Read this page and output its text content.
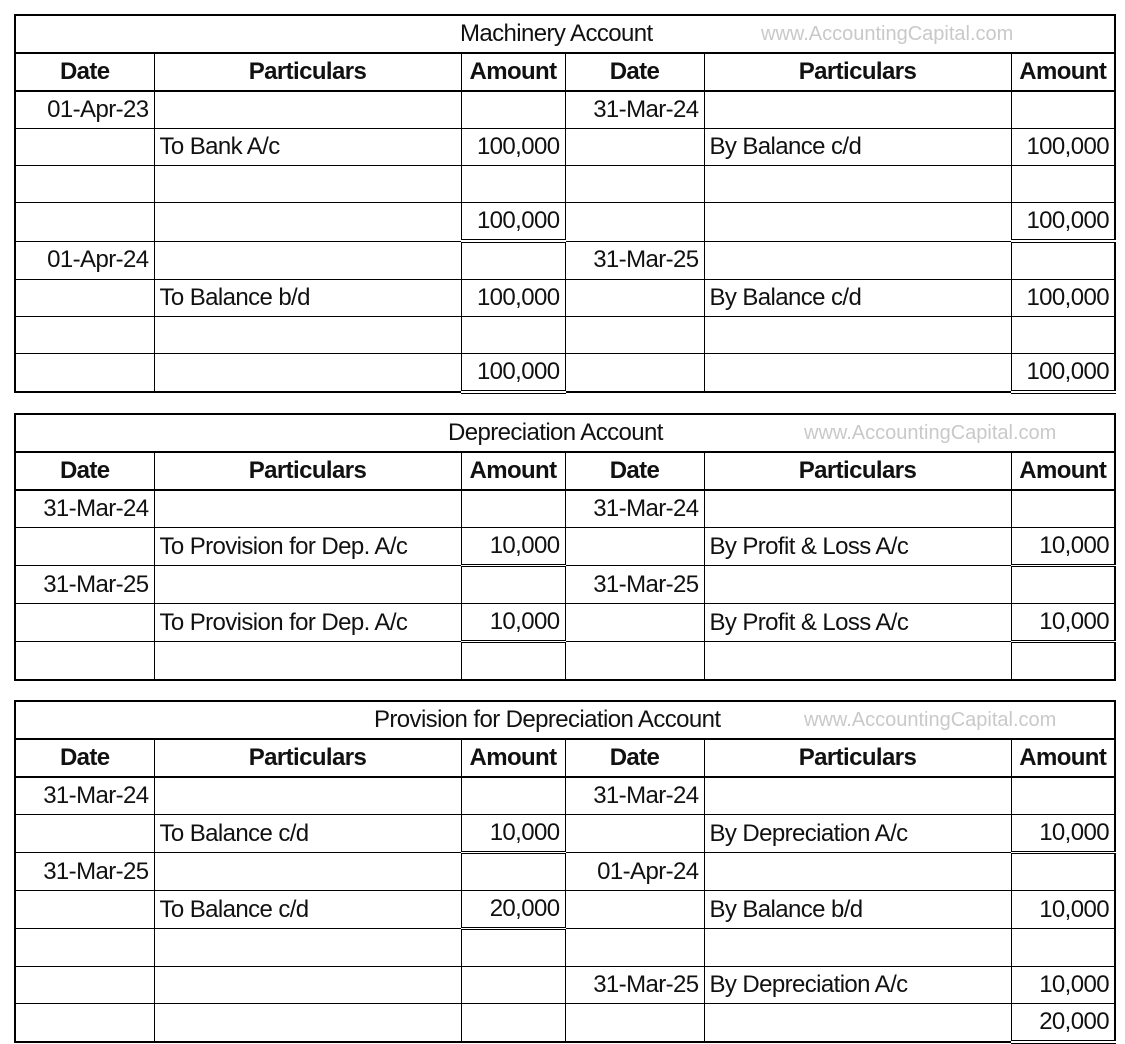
Machinery Account www.AccountingCapital.com					

Date	Particulars	Amount	Date	Particulars	Amount
01-Apr-23			31-Mar-24		
	To Bank A/c	100,000		By Balance c/d	100,000

		100,000			100,000
01-Apr-24			31-Mar-25		
	To Balance b/d	100,000		By Balance c/d	100,000

		100,000			100,000
Depreciation Account www.AccountingCapital.com					

Date	Particulars	Amount	Date	Particulars	Amount
31-Mar-24			31-Mar-24		
	To Provision for Dep. A/c	10,000		By Profit & Loss A/c	10,000
31-Mar-25			31-Mar-25		
	To Provision for Dep. A/c	10,000		By Profit & Loss A/c	10,000

Provision for Depreciation Account www.AccountingCapital.com					

Date	Particulars	Amount	Date	Particulars	Amount
31-Mar-24			31-Mar-24		
	To Balance c/d	10,000		By Depreciation A/c	10,000
31-Mar-25			01-Apr-24		
	To Balance c/d	20,000		By Balance b/d	10,000

			31-Mar-25	By Depreciation A/c	10,000
					20,000
